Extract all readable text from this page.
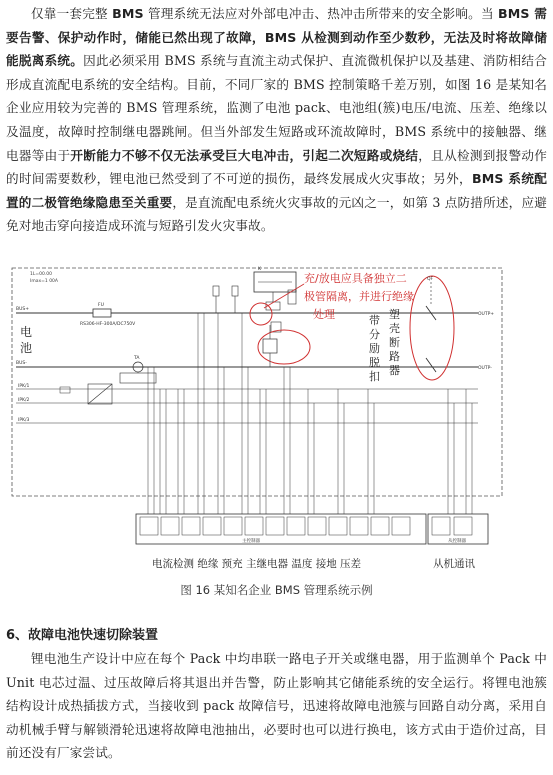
仅靠一套完整 BMS 管理系统无法应对外部电冲击、热冲击所带来的安全影响。当 BMS 需要告警、保护动作时，储能已然出现了故障，BMS 从检测到动作至少数秒，无法及时将故障储能脱离系统。因此必须采用 BMS 系统与直流主动式保护、直流微机保护以及基建、消防相结合形成直流配电系统的安全结构。目前，不同厂家的 BMS 控制策略千差万别，如图 16 是某知名企业应用较为完善的 BMS 管理系统，监测了电池 pack、电池组(簇)电压/电流、压差、绝缘以及温度，故障时控制继电器跳闸。但当外部发生短路或环流故障时，BMS 系统中的接触器、继电器等由于开断能力不够不仅无法承受巨大电冲击，引起二次短路或烧结，且从检测到报警动作的时间需要数秒，锂电池已然受到了不可逆的损伤，最终发展成火灾事故；另外，BMS 系统配置的二极管绝缘隐患至关重要，是直流配电系统火灾事故的元凶之一，如第 3 点防措所述，应避免对地击穿向接造成环流与短路引发火灾事故。

1L=00.00
Imax=1 00A
BUS+
BUS-
OUTP+
OUTP-
FU
RS306-HF-300A/DC750V
电
池
K
充/放电应具备独立二
极管隔离，并进行绝缘
处理	带
分
励
脱
扣
塑
壳
断
路
器
QF
TA
IPK/1
IPK/2
IPK/3
主控制器	从控制器
电流检测 绝缘 预充 主继电器 温度 接地 压差	从机通讯
图 16 某知名企业 BMS 管理系统示例
6、故障电池快速切除装置

锂电池生产设计中应在每个 Pack 中均串联一路电子开关或继电器，用于监测单个 Pack 中 Unit 电芯过温、过压故障后将其退出并告警，防止影响其它储能系统的安全运行。将锂电池簇结构设计成热插拔方式，当接收到 pack 故障信号，迅速将故障电池簇与回路自动分离，采用自动机械手臂与解锁滑轮迅速将故障电池抽出，必要时也可以进行换电，该方式由于造价过高，目前还没有厂家尝试。
